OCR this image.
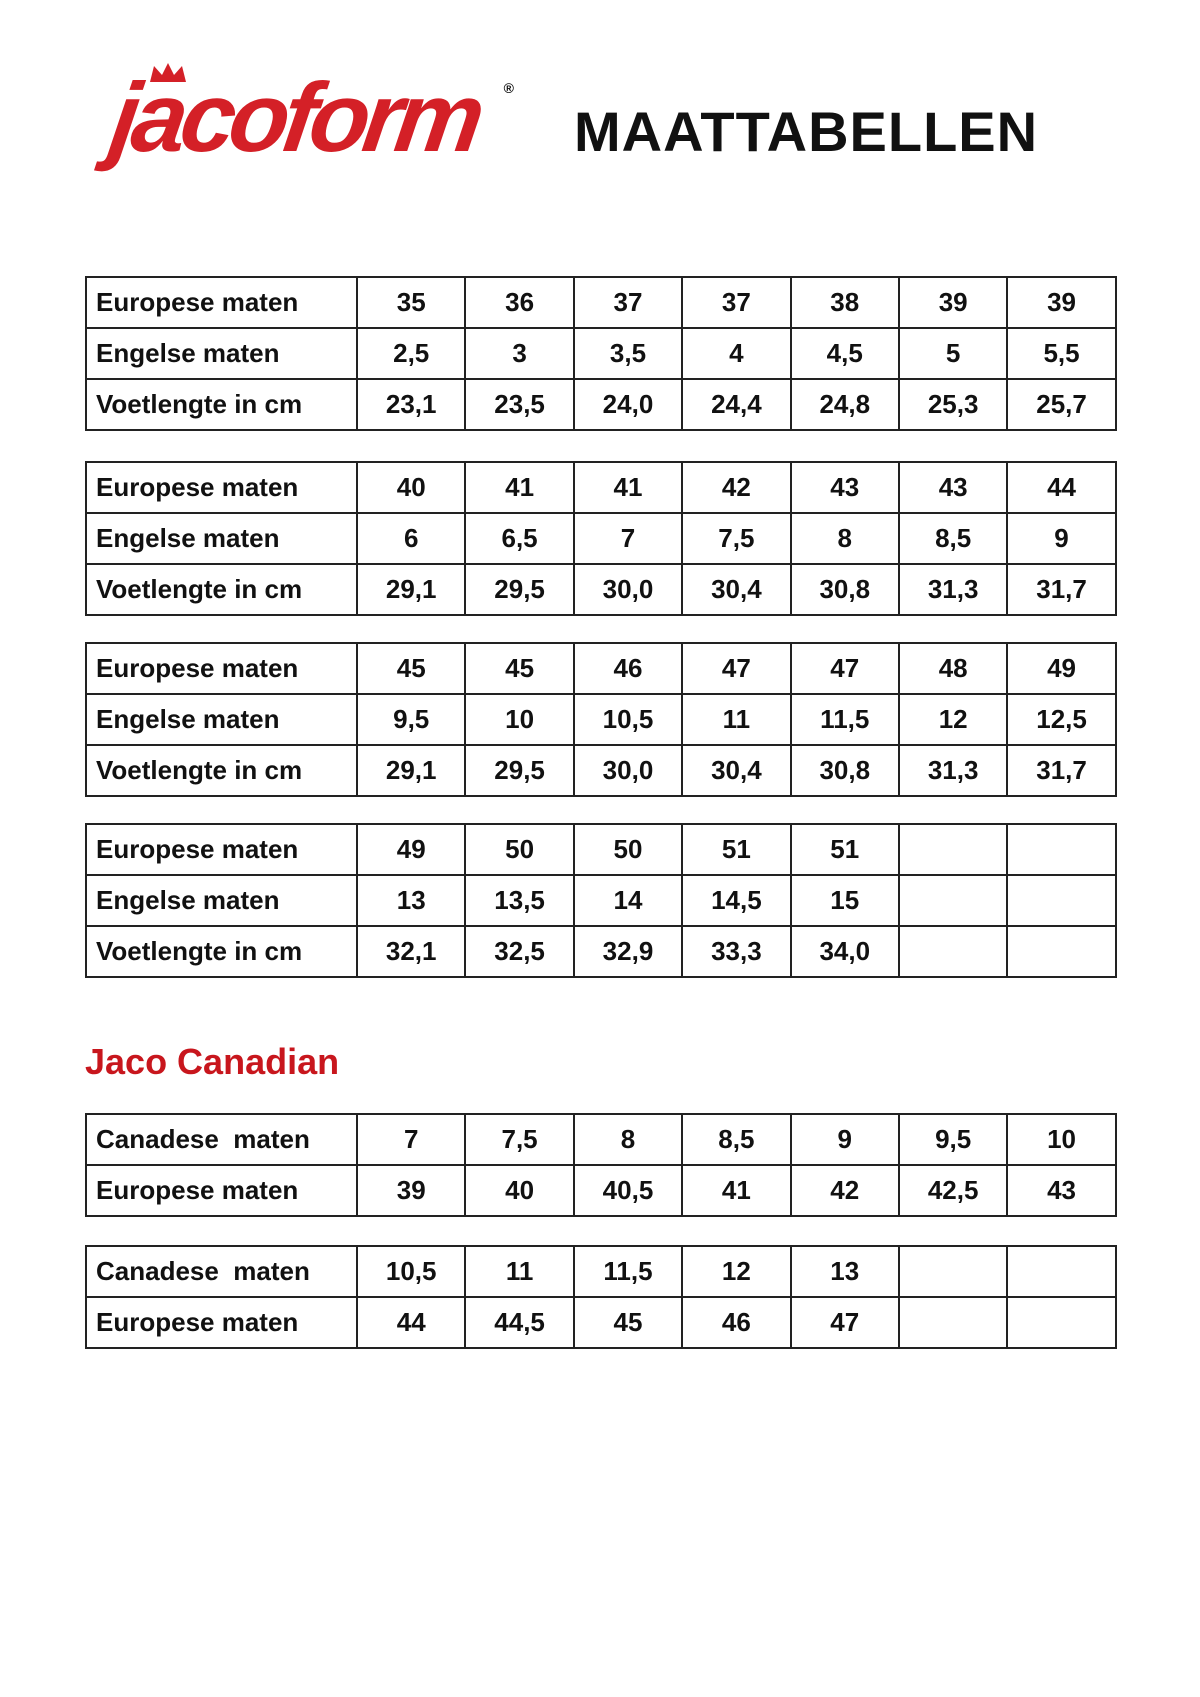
jacoform ®
MAATTABELLEN
Europese maten	35	36	37	37	38	39	39
Engelse maten	2,5	3	3,5	4	4,5	5	5,5
Voetlengte in cm	23,1	23,5	24,0	24,4	24,8	25,3	25,7
Europese maten	40	41	41	42	43	43	44
Engelse maten	6	6,5	7	7,5	8	8,5	9
Voetlengte in cm	29,1	29,5	30,0	30,4	30,8	31,3	31,7
Europese maten	45	45	46	47	47	48	49
Engelse maten	9,5	10	10,5	11	11,5	12	12,5
Voetlengte in cm	29,1	29,5	30,0	30,4	30,8	31,3	31,7
Europese maten	49	50	50	51	51		
Engelse maten	13	13,5	14	14,5	15		
Voetlengte in cm	32,1	32,5	32,9	33,3	34,0		
Jaco Canadian
Canadese  maten	7	7,5	8	8,5	9	9,5	10
Europese maten	39	40	40,5	41	42	42,5	43
Canadese  maten	10,5	11	11,5	12	13		
Europese maten	44	44,5	45	46	47		
